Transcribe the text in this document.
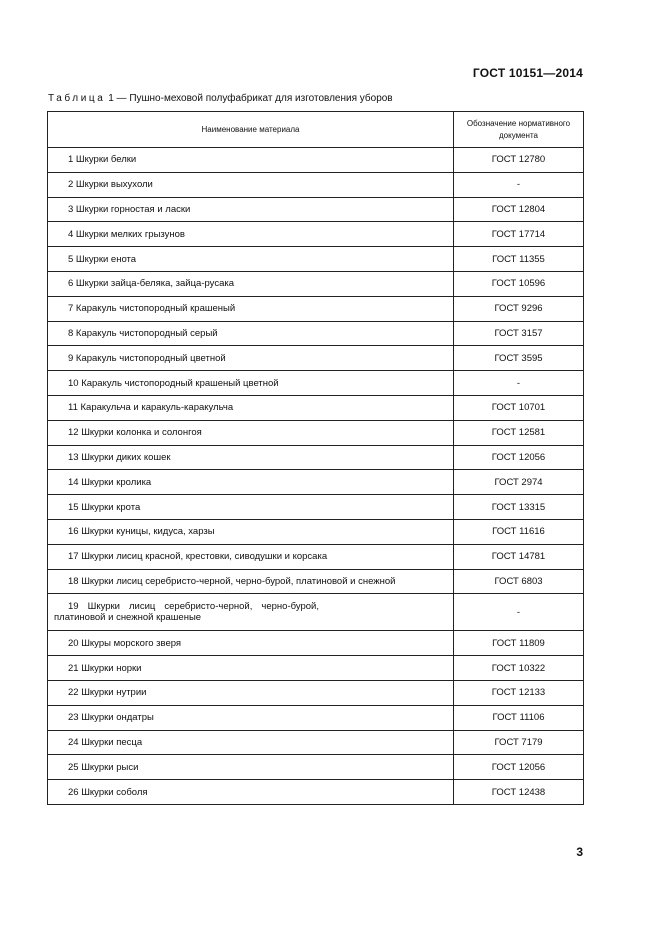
ГОСТ 10151—2014
Таблица 1 — Пушно-меховой полуфабрикат для изготовления уборов
Наименование материала	Обозначение нормативного документа
1 Шкурки белки	ГОСТ 12780
2 Шкурки выхухоли	-
3 Шкурки горностая и ласки	ГОСТ 12804
4 Шкурки мелких грызунов	ГОСТ 17714
5 Шкурки енота	ГОСТ 11355
6 Шкурки зайца-беляка, зайца-русака	ГОСТ 10596
7 Каракуль чистопородный крашеный	ГОСТ 9296
8 Каракуль чистопородный серый	ГОСТ 3157
9 Каракуль чистопородный цветной	ГОСТ 3595
10 Каракуль чистопородный крашеный цветной	-
11 Каракульча и каракуль-каракульча	ГОСТ 10701
12 Шкурки колонка и солонгоя	ГОСТ 12581
13 Шкурки диких кошек	ГОСТ 12056
14 Шкурки кролика	ГОСТ 2974
15 Шкурки крота	ГОСТ 13315
16 Шкурки куницы, кидуса, харзы	ГОСТ 11616
17 Шкурки лисиц красной, крестовки, сиводушки и корсака	ГОСТ 14781
18 Шкурки лисиц серебристо-черной, черно-бурой, платиновой и снежной	ГОСТ 6803
19 Шкурки лисиц серебристо-черной, черно-бурой, платиновой и снежной крашеные	-
20 Шкуры морского зверя	ГОСТ 11809
21 Шкурки норки	ГОСТ 10322
22 Шкурки нутрии	ГОСТ 12133
23 Шкурки ондатры	ГОСТ 11106
24 Шкурки песца	ГОСТ 7179
25 Шкурки рыси	ГОСТ 12056
26 Шкурки соболя	ГОСТ 12438
3
